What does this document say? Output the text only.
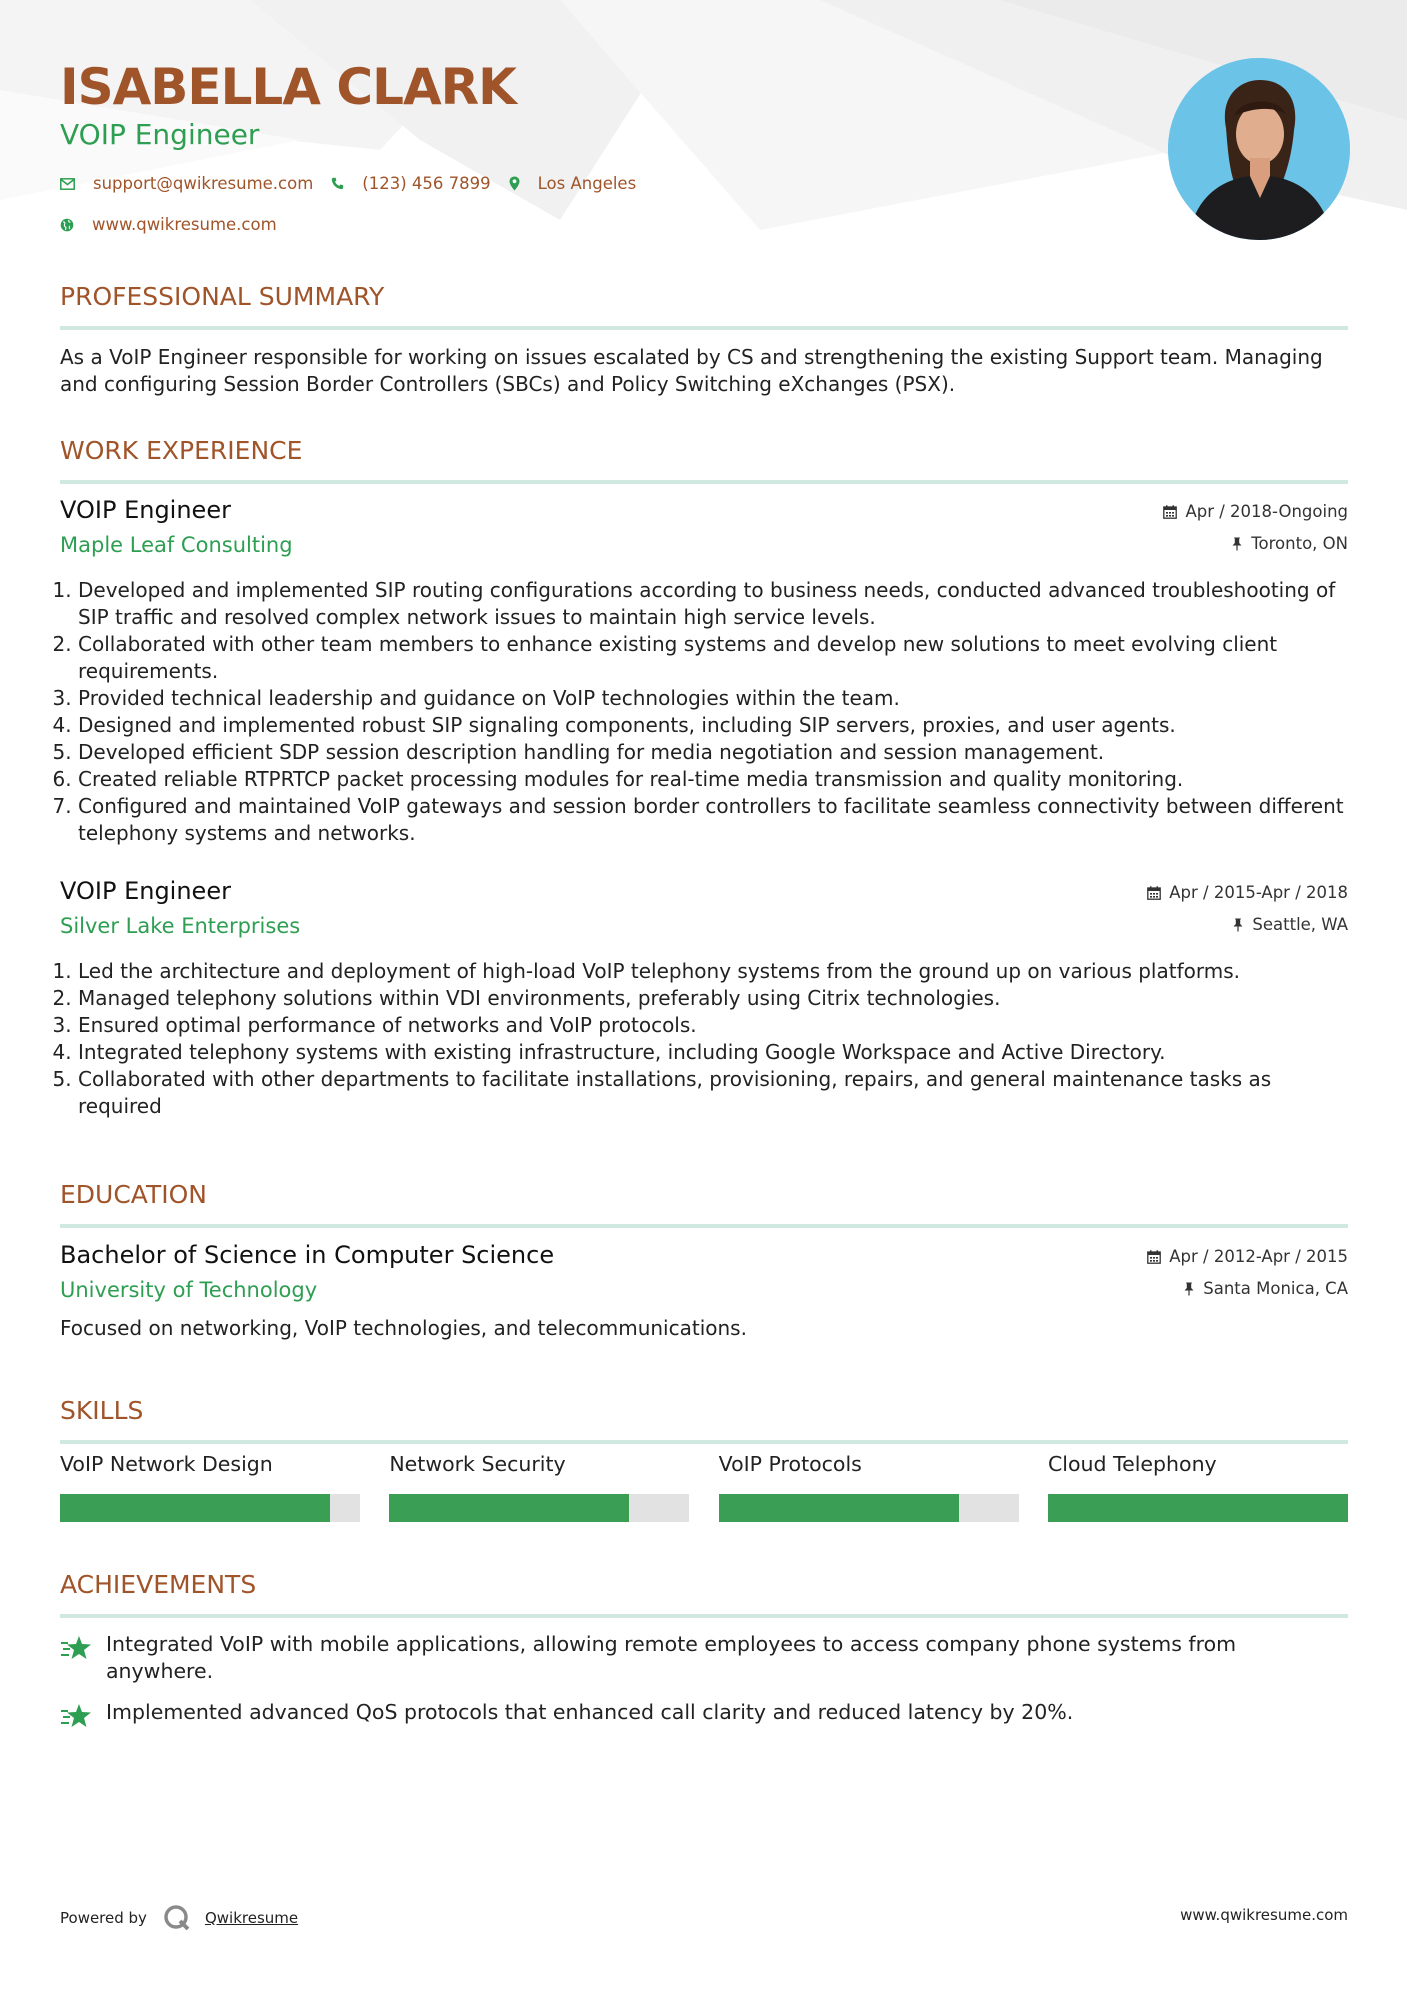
ISABELLA CLARK
VOIP Engineer
support@qwikresume.com	(123) 456 7899	Los Angeles
www.qwikresume.com
PROFESSIONAL SUMMARY
As a VoIP Engineer responsible for working on issues escalated by CS and strengthening the existing Support team. Managing and configuring Session Border Controllers (SBCs) and Policy Switching eXchanges (PSX).
WORK EXPERIENCE
VOIP Engineer
Maple Leaf Consulting
Apr / 2018-Ongoing
Toronto, ON
1. Developed and implemented SIP routing configurations according to business needs, conducted advanced troubleshooting of SIP traffic and resolved complex network issues to maintain high service levels.
2. Collaborated with other team members to enhance existing systems and develop new solutions to meet evolving client requirements.
3. Provided technical leadership and guidance on VoIP technologies within the team.
4. Designed and implemented robust SIP signaling components, including SIP servers, proxies, and user agents.
5. Developed efficient SDP session description handling for media negotiation and session management.
6. Created reliable RTPRTCP packet processing modules for real-time media transmission and quality monitoring.
7. Configured and maintained VoIP gateways and session border controllers to facilitate seamless connectivity between different telephony systems and networks.
VOIP Engineer
Silver Lake Enterprises
Apr / 2015-Apr / 2018
Seattle, WA
1. Led the architecture and deployment of high-load VoIP telephony systems from the ground up on various platforms.
2. Managed telephony solutions within VDI environments, preferably using Citrix technologies.
3. Ensured optimal performance of networks and VoIP protocols.
4. Integrated telephony systems with existing infrastructure, including Google Workspace and Active Directory.
5. Collaborated with other departments to facilitate installations, provisioning, repairs, and general maintenance tasks as required
EDUCATION
Bachelor of Science in Computer Science
University of Technology
Apr / 2012-Apr / 2015
Santa Monica, CA
Focused on networking, VoIP technologies, and telecommunications.
SKILLS
VoIP Network Design	Network Security	VoIP Protocols	Cloud Telephony
ACHIEVEMENTS
Integrated VoIP with mobile applications, allowing remote employees to access company phone systems from anywhere.
Implemented advanced QoS protocols that enhanced call clarity and reduced latency by 20%.
Powered by	Qwikresume	www.qwikresume.com
